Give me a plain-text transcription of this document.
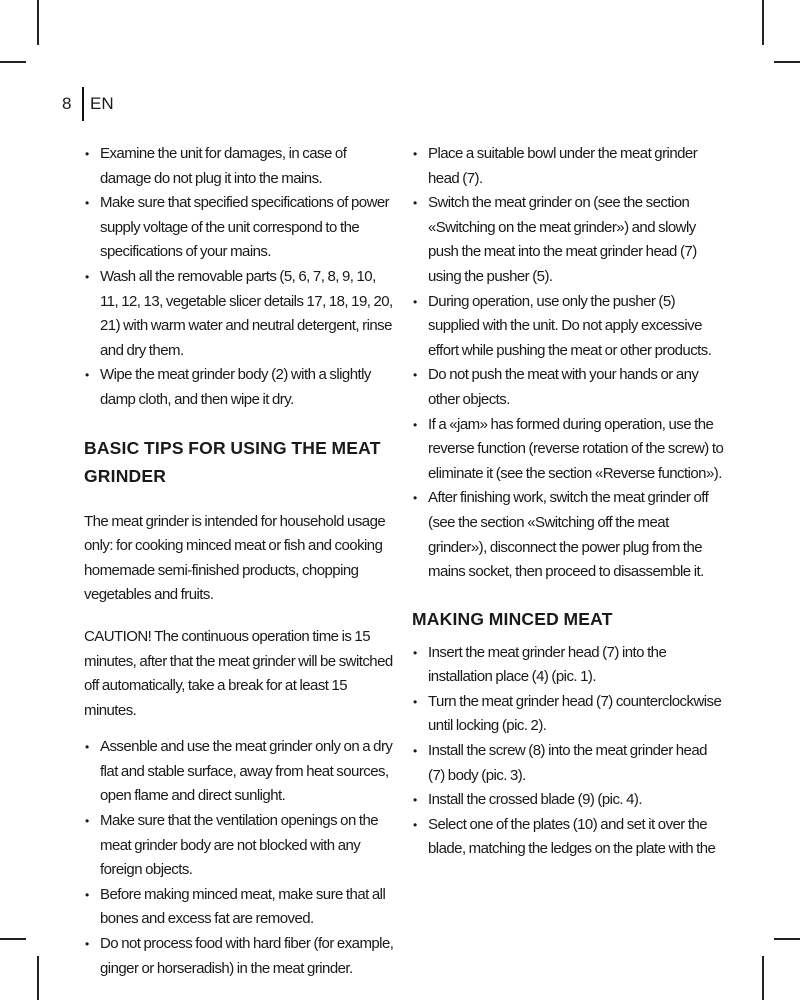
8	EN
• Examine the unit for damages, in case of damage do not plug it into the mains.
• Make sure that specified specifications of power supply voltage of the unit correspond to the specifications of your mains.
• Wash all the removable parts (5, 6, 7, 8, 9, 10, 11, 12, 13, vegetable slicer details 17, 18, 19, 20, 21) with warm water and neutral detergent, rinse and dry them.
• Wipe the meat grinder body (2) with a slightly damp cloth, and then wipe it dry.
BASIC TIPS FOR USING THE MEAT GRINDER

The meat grinder is intended for household usage only: for cooking minced meat or fish and cooking homemade semi-finished products, chopping vegetables and fruits.

CAUTION! The continuous operation time is 15 minutes, after that the meat grinder will be switched off automatically, take a break for at least 15 minutes.

• Assenble and use the meat grinder only on a dry flat and stable surface, away from heat sources, open flame and direct sunlight.
• Make sure that the ventilation openings on the meat grinder body are not blocked with any foreign objects.
• Before making minced meat, make sure that all bones and excess fat are removed.
• Do not process food with hard fiber (for example, ginger or horseradish) in the meat grinder.
• Place a suitable bowl under the meat grinder head (7).
• Switch the meat grinder on (see the section «Switching on the meat grinder») and slowly push the meat into the meat grinder head (7) using the pusher (5).
• During operation, use only the pusher (5) supplied with the unit. Do not apply excessive effort while pushing the meat or other products.
• Do not push the meat with your hands or any other objects.
• If a «jam» has formed during operation, use the reverse function (reverse rotation of the screw) to eliminate it (see the section «Reverse function»).
• After finishing work, switch the meat grinder off (see the section «Switching off the meat grinder»), disconnect the power plug from the mains socket, then proceed to disassemble it.
MAKING MINCED MEAT
• Insert the meat grinder head (7) into the installation place (4) (pic. 1).
• Turn the meat grinder head (7) counterclockwise until locking (pic. 2).
• Install the screw (8) into the meat grinder head (7) body (pic. 3).
• Install the crossed blade (9) (pic. 4).
• Select one of the plates (10) and set it over the blade, matching the ledges on the plate with the
